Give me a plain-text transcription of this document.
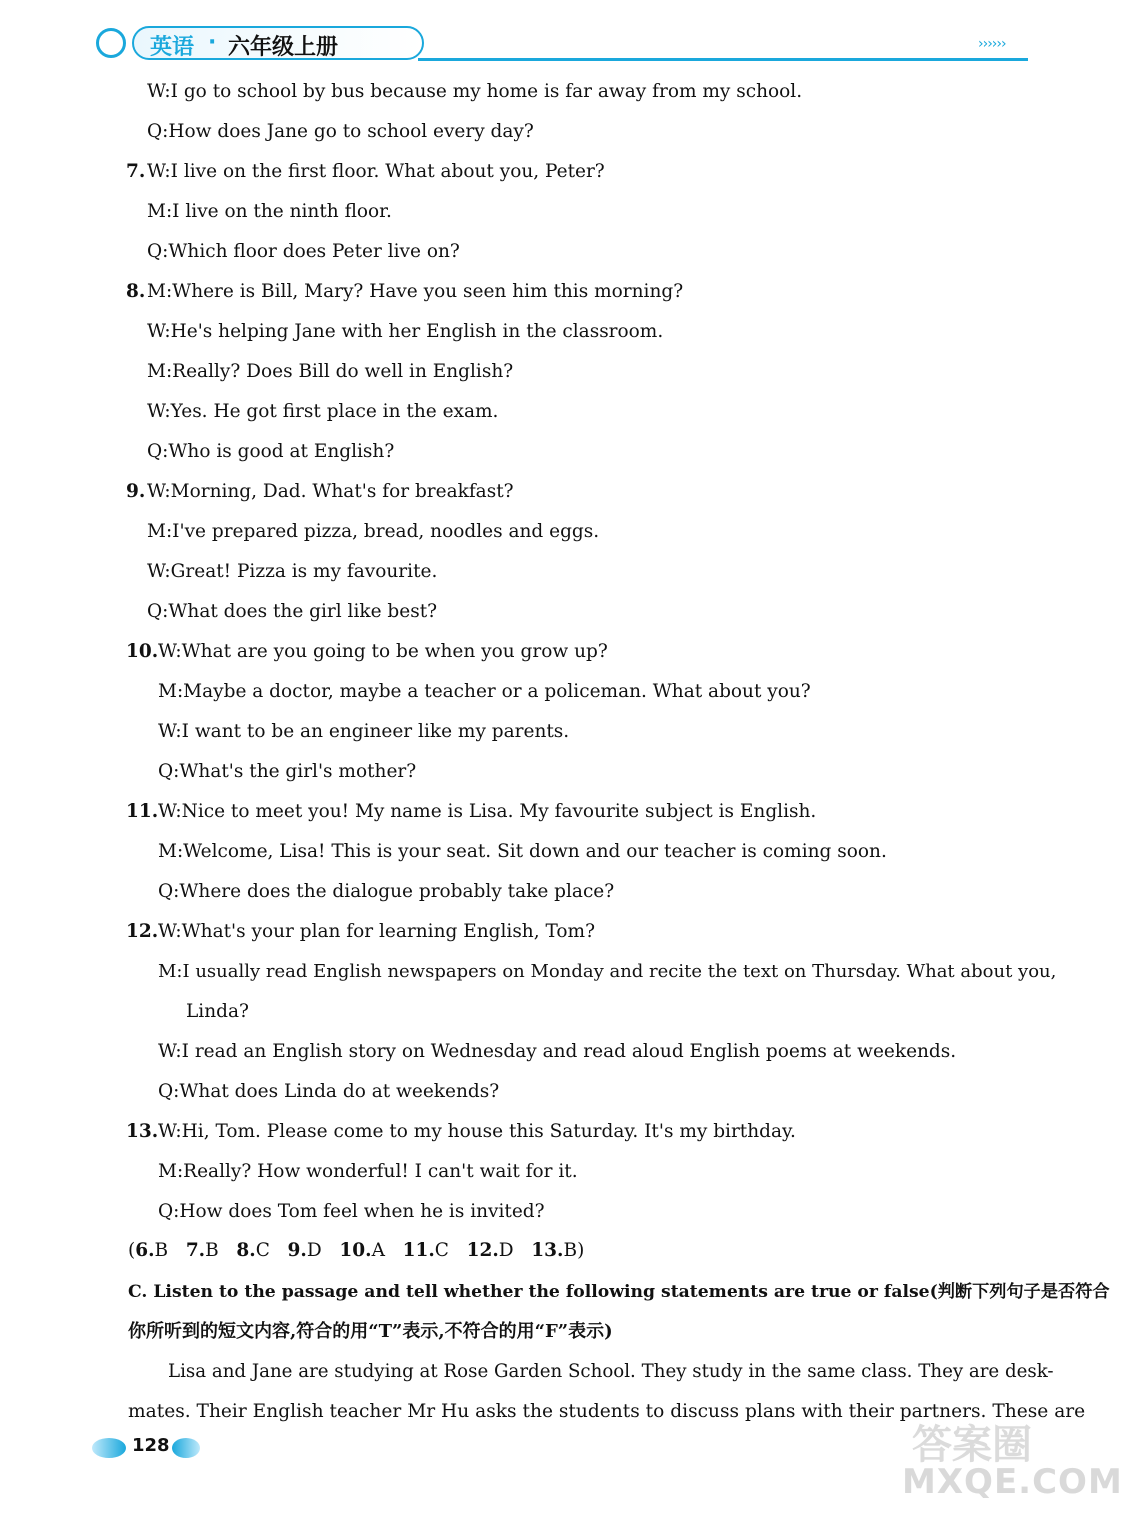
英语 · 六年级上册	››››››
W:I go to school by bus because my home is far away from my school.
Q:How does Jane go to school every day?
7. W:I live on the first floor. What about you, Peter?
M:I live on the ninth floor.
Q:Which floor does Peter live on?
8. M:Where is Bill, Mary? Have you seen him this morning?
W:He's helping Jane with her English in the classroom.
M:Really? Does Bill do well in English?
W:Yes. He got first place in the exam.
Q:Who is good at English?
9. W:Morning, Dad. What's for breakfast?
M:I've prepared pizza, bread, noodles and eggs.
W:Great! Pizza is my favourite.
Q:What does the girl like best?
10. W:What are you going to be when you grow up?
M:Maybe a doctor, maybe a teacher or a policeman. What about you?
W:I want to be an engineer like my parents.
Q:What's the girl's mother?
11. W:Nice to meet you! My name is Lisa. My favourite subject is English.
M:Welcome, Lisa! This is your seat. Sit down and our teacher is coming soon.
Q:Where does the dialogue probably take place?
12. W:What's your plan for learning English, Tom?
M:I usually read English newspapers on Monday and recite the text on Thursday. What about you,
Linda?
W:I read an English story on Wednesday and read aloud English poems at weekends.
Q:What does Linda do at weekends?
13. W:Hi, Tom. Please come to my house this Saturday. It's my birthday.
M:Really? How wonderful! I can't wait for it.
Q:How does Tom feel when he is invited?
(6.B 7.B 8.C 9.D 10.A 11.C 12.D 13.B)
C. Listen to the passage and tell whether the following statements are true or false(判断下列句子是否符合
你所听到的短文内容,符合的用“T”表示,不符合的用“F”表示)
Lisa and Jane are studying at Rose Garden School. They study in the same class. They are desk-
mates. Their English teacher Mr Hu asks the students to discuss plans with their partners. These are
128	答案圈
MXQE.COM
